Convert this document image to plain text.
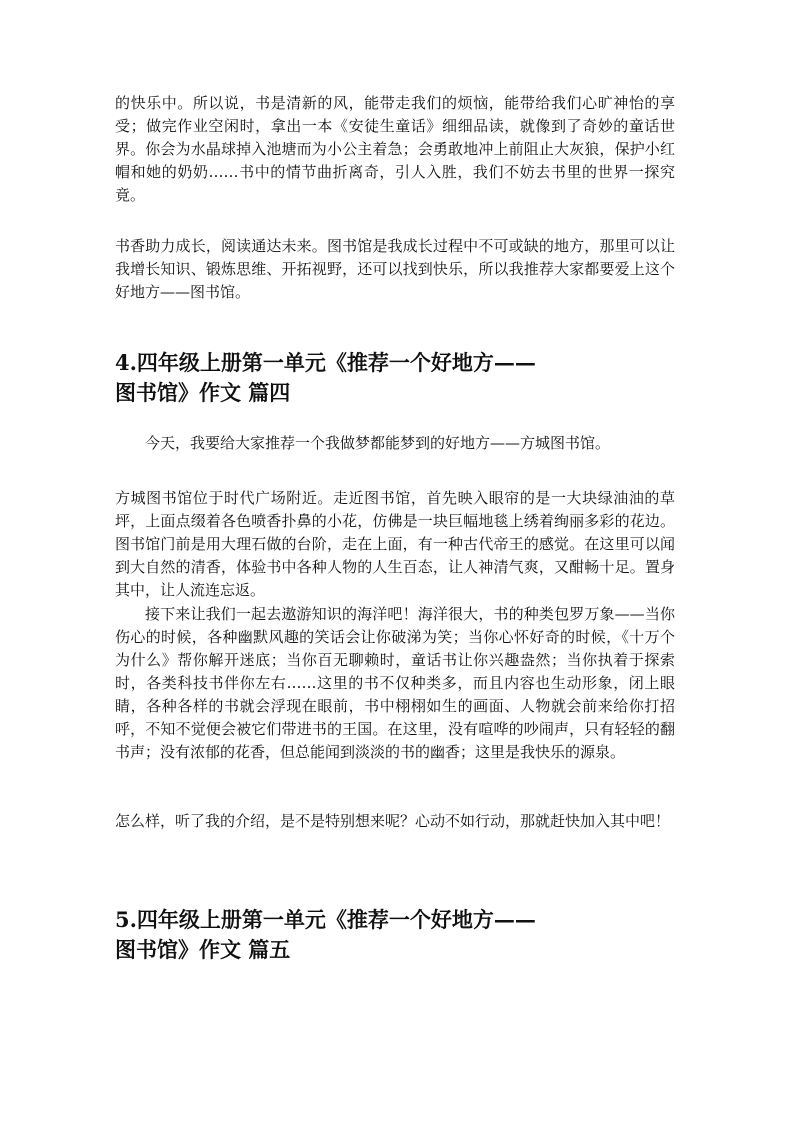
的快乐中。所以说，书是清新的风，能带走我们的烦恼，能带给我们心旷神怡的享受；做完作业空闲时，拿出一本《安徒生童话》细细品读，就像到了奇妙的童话世界。你会为水晶球掉入池塘而为小公主着急；会勇敢地冲上前阻止大灰狼，保护小红帽和她的奶奶……书中的情节曲折离奇，引人入胜，我们不妨去书里的世界一探究竟。

书香助力成长，阅读通达未来。图书馆是我成长过程中不可或缺的地方，那里可以让我增长知识、锻炼思维、开拓视野，还可以找到快乐，所以我推荐大家都要爱上这个好地方——图书馆。

4.四年级上册第一单元《推荐一个好地方——
图书馆》作文 篇四

今天，我要给大家推荐一个我做梦都能梦到的好地方——方城图书馆。

方城图书馆位于时代广场附近。走近图书馆，首先映入眼帘的是一大块绿油油的草坪，上面点缀着各色喷香扑鼻的小花，仿佛是一块巨幅地毯上绣着绚丽多彩的花边。图书馆门前是用大理石做的台阶，走在上面，有一种古代帝王的感觉。在这里可以闻到大自然的清香，体验书中各种人物的人生百态，让人神清气爽，又酣畅十足。置身其中，让人流连忘返。

接下来让我们一起去遨游知识的海洋吧！海洋很大，书的种类包罗万象——当你伤心的时候，各种幽默风趣的笑话会让你破涕为笑；当你心怀好奇的时候，《十万个为什么》帮你解开迷底；当你百无聊赖时，童话书让你兴趣盎然；当你执着于探索时，各类科技书伴你左右……这里的书不仅种类多，而且内容也生动形象，闭上眼睛，各种各样的书就会浮现在眼前，书中栩栩如生的画面、人物就会前来给你打招呼，不知不觉便会被它们带进书的王国。在这里，没有喧哗的吵闹声，只有轻轻的翻书声；没有浓郁的花香，但总能闻到淡淡的书的幽香；这里是我快乐的源泉。

怎么样，听了我的介绍，是不是特别想来呢？心动不如行动，那就赶快加入其中吧！

5.四年级上册第一单元《推荐一个好地方——
图书馆》作文 篇五
